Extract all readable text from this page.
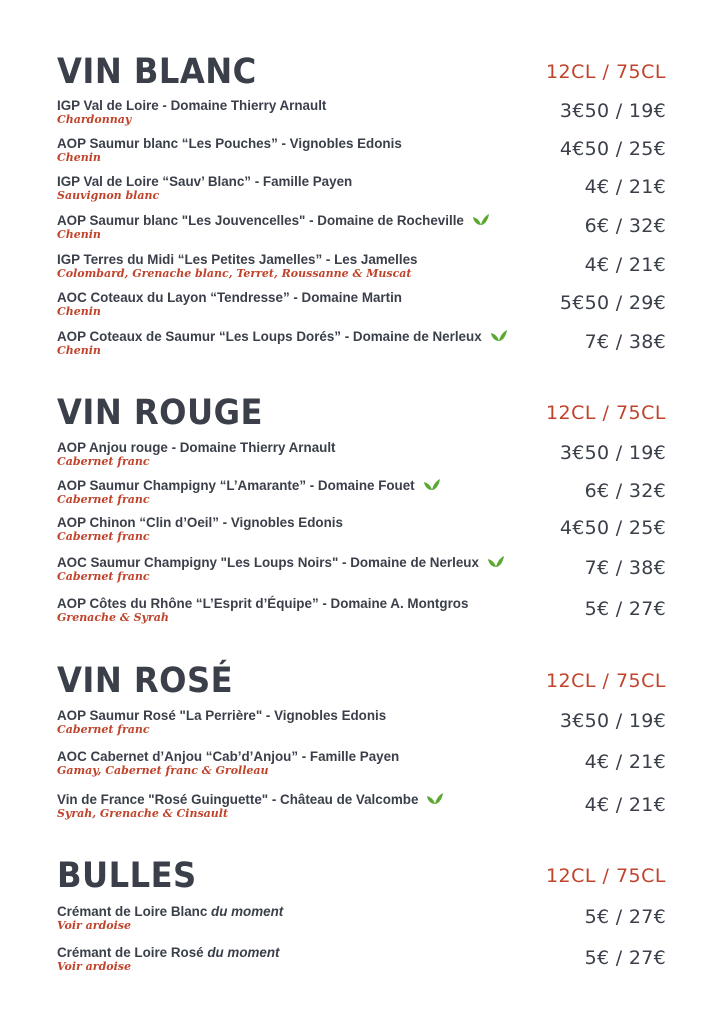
VIN BLANC	12CL / 75CL
IGP Val de Loire - Domaine Thierry Arnault
Chardonnay	3€50 / 19€
AOP Saumur blanc “Les Pouches” - Vignobles Edonis
Chenin	4€50 / 25€
IGP Val de Loire “Sauv’ Blanc” - Famille Payen
Sauvignon blanc	4€ / 21€
AOP Saumur blanc "Les Jouvencelles" - Domaine de Rocheville
Chenin	6€ / 32€
IGP Terres du Midi “Les Petites Jamelles” - Les Jamelles
Colombard, Grenache blanc, Terret, Roussanne & Muscat	4€ / 21€
AOC Coteaux du Layon “Tendresse” - Domaine Martin
Chenin	5€50 / 29€
AOP Coteaux de Saumur “Les Loups Dorés” - Domaine de Nerleux
Chenin	7€ / 38€
VIN ROUGE	12CL / 75CL
AOP Anjou rouge - Domaine Thierry Arnault
Cabernet franc	3€50 / 19€
AOP Saumur Champigny “L’Amarante” - Domaine Fouet
Cabernet franc	6€ / 32€
AOP Chinon “Clin d’Oeil” - Vignobles Edonis
Cabernet franc	4€50 / 25€
AOC Saumur Champigny "Les Loups Noirs" - Domaine de Nerleux
Cabernet franc	7€ / 38€
AOP Côtes du Rhône “L’Esprit d’Équipe” - Domaine A. Montgros
Grenache & Syrah	5€ / 27€
VIN ROSÉ	12CL / 75CL
AOP Saumur Rosé "La Perrière" - Vignobles Edonis
Cabernet franc	3€50 / 19€
AOC Cabernet d’Anjou “Cab’d’Anjou” - Famille Payen
Gamay, Cabernet franc & Grolleau	4€ / 21€
Vin de France "Rosé Guinguette" - Château de Valcombe
Syrah, Grenache & Cinsault	4€ / 21€
BULLES	12CL / 75CL
Crémant de Loire Blanc du moment
Voir ardoise	5€ / 27€
Crémant de Loire Rosé du moment
Voir ardoise	5€ / 27€
